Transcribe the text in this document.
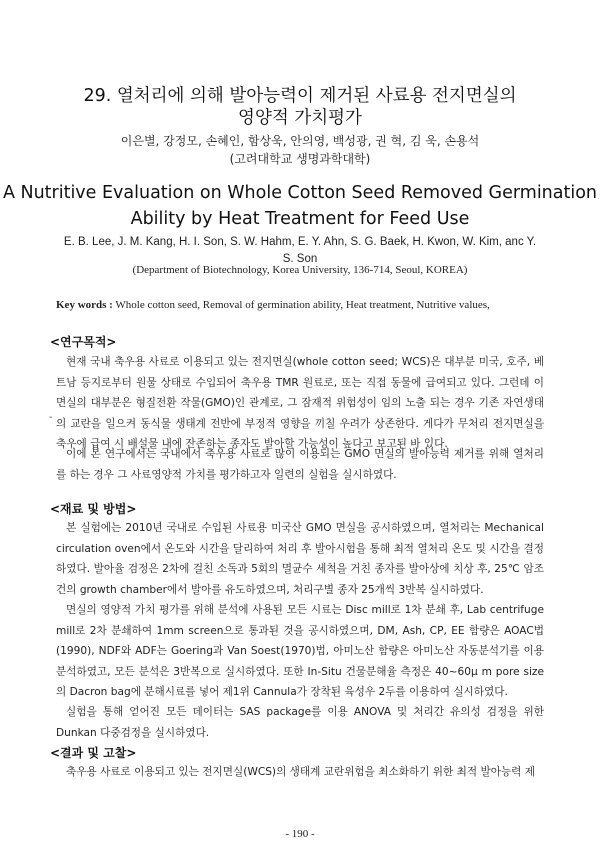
29. 열처리에 의해 발아능력이 제거된 사료용 전지면실의
영양적 가치평가
이은별, 강정모, 손혜인, 함상욱, 안의영, 백성광, 권 혁, 김 욱, 손용석
(고려대학교 생명과학대학)
A Nutritive Evaluation on Whole Cotton Seed Removed Germination
Ability by Heat Treatment for Feed Use
E. B. Lee, J. M. Kang, H. I. Son, S. W. Hahm, E. Y. Ahn, S. G. Baek, H. Kwon, W. Kim, anc Y. S. Son
(Department of Biotechnology, Korea University, 136-714, Seoul, KOREA)
Key words : Whole cotton seed, Removal of germination ability, Heat treatment, Nutritive values,
<연구목적>

현재 국내 축우용 사료로 이용되고 있는 전지면실(whole cotton seed; WCS)은 대부분 미국, 호주, 베트남 등지로부터 원물 상태로 수입되어 축우용 TMR 원료로, 또는 직접 동물에 급여되고 있다. 그런데 이 면실의 대부분은 형질전환 작물(GMO)인 관계로, 그 잠재적 위험성이 임의 노출 되는 경우 기존 자연생태의 교란을 일으켜 동식물 생태계 전반에 부정적 영향을 끼칠 우려가 상존한다. 게다가 무처리 전지면실을 축우에 급여 시 배설물 내에 잔존하는 종자도 발아할 가능성이 높다고 보고된 바 있다.

이에 본 연구에서는 국내에서 축우용 사료로 많이 이용되는 GMO 면실의 발아능력 제거를 위해 열처리를 하는 경우 그 사료영양적 가치를 평가하고자 일련의 실험을 실시하였다.

-
<재료 및 방법>

본 실험에는 2010년 국내로 수입된 사료용 미국산 GMO 면실을 공시하였으며, 열처리는 Mechanical circulation oven에서 온도와 시간을 달리하여 처리 후 발아시험을 통해 최적 열처리 온도 및 시간을 결정하였다. 발아율 검정은 2차에 걸친 소독과 5회의 멸균수 세척을 거친 종자를 발아상에 치상 후, 25℃ 암조건의 growth chamber에서 발아를 유도하였으며, 처리구별 종자 25개씩 3반복 실시하였다.

면실의 영양적 가치 평가를 위해 분석에 사용된 모든 시료는 Disc mill로 1차 분쇄 후, Lab centrifuge mill로 2차 분쇄하여 1mm screen으로 통과된 것을 공시하였으며, DM, Ash, CP, EE 함량은 AOAC법(1990), NDF와 ADF는 Goering과 Van Soest(1970)법, 아미노산 함량은 아미노산 자동분석기를 이용 분석하였고, 모든 분석은 3반복으로 실시하였다. 또한 In-Situ 건물분해율 측정은 40~60μ m pore size의 Dacron bag에 분해시료를 넣어 제1위 Cannula가 장착된 육성우 2두를 이용하여 실시하였다.

실험을 통해 얻어진 모든 데이터는 SAS package를 이용 ANOVA 및 처리간 유의성 검정을 위한 Dunkan 다중검정을 실시하였다.

<결과 및 고찰>

축우용 사료로 이용되고 있는 전지면실(WCS)의 생태계 교란위험을 최소화하기 위한 최적 발아능력 제

- 190 -
